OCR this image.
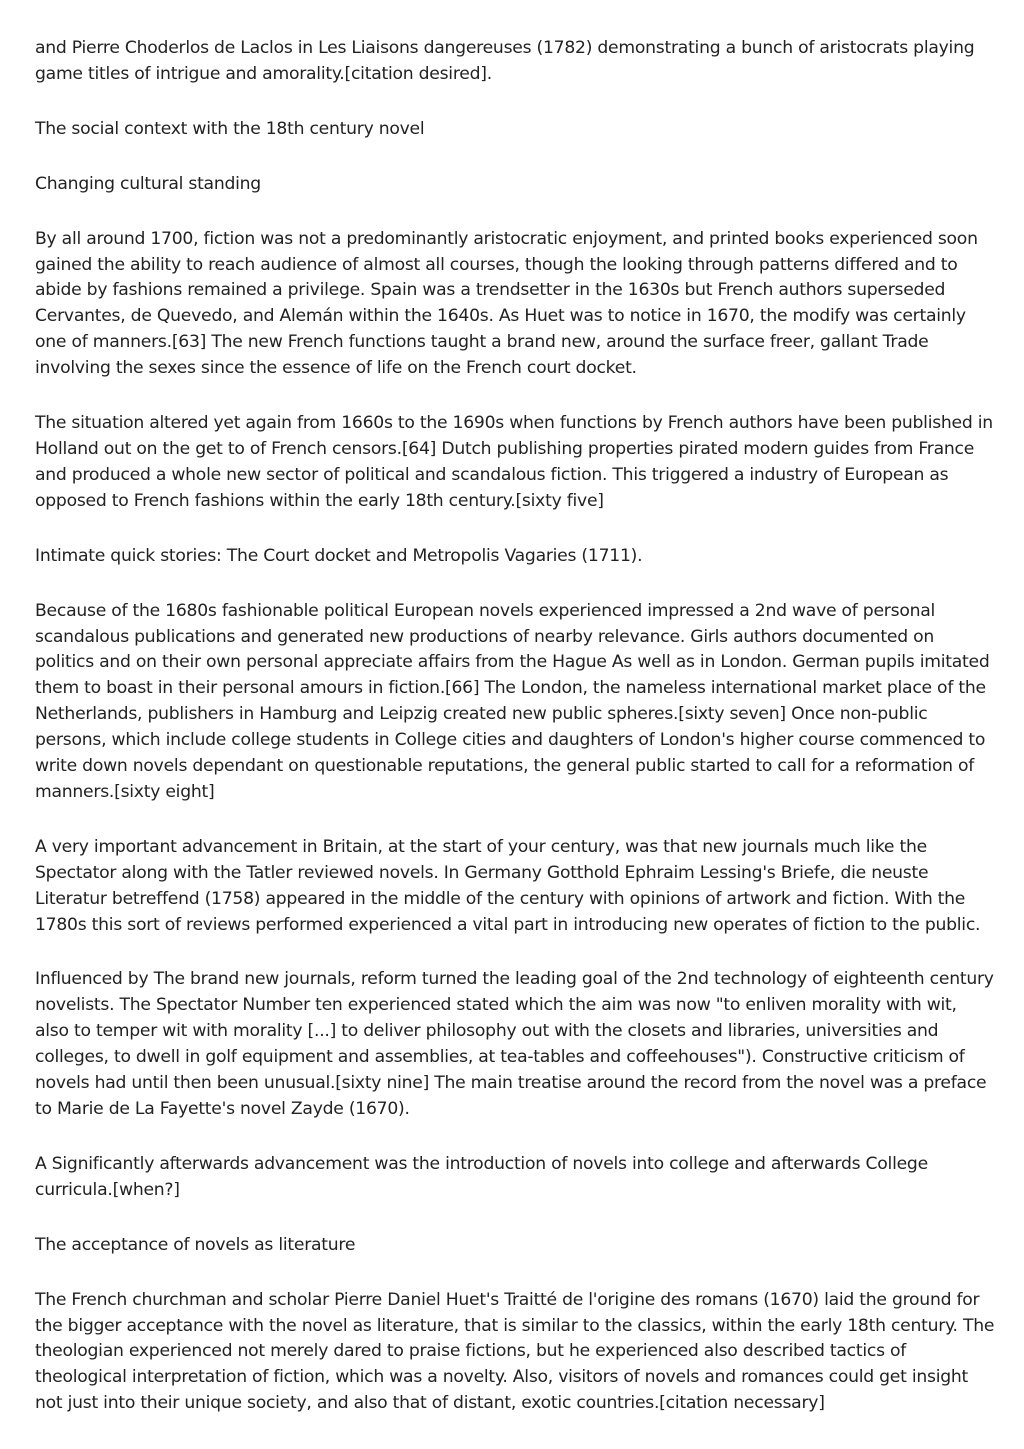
and Pierre Choderlos de Laclos in Les Liaisons dangereuses (1782) demonstrating a bunch of aristocrats playing game titles of intrigue and amorality.[citation desired].

The social context with the 18th century novel

Changing cultural standing

By all around 1700, fiction was not a predominantly aristocratic enjoyment, and printed books experienced soon gained the ability to reach audience of almost all courses, though the looking through patterns differed and to abide by fashions remained a privilege. Spain was a trendsetter in the 1630s but French authors superseded Cervantes, de Quevedo, and Alemán within the 1640s. As Huet was to notice in 1670, the modify was certainly one of manners.[63] The new French functions taught a brand new, around the surface freer, gallant Trade involving the sexes since the essence of life on the French court docket.

The situation altered yet again from 1660s to the 1690s when functions by French authors have been published in Holland out on the get to of French censors.[64] Dutch publishing properties pirated modern guides from France and produced a whole new sector of political and scandalous fiction. This triggered a industry of European as opposed to French fashions within the early 18th century.[sixty five]

Intimate quick stories: The Court docket and Metropolis Vagaries (1711).

Because of the 1680s fashionable political European novels experienced impressed a 2nd wave of personal scandalous publications and generated new productions of nearby relevance. Girls authors documented on politics and on their own personal appreciate affairs from the Hague As well as in London. German pupils imitated them to boast in their personal amours in fiction.[66] The London, the nameless international market place of the Netherlands, publishers in Hamburg and Leipzig created new public spheres.[sixty seven] Once non-public persons, which include college students in College cities and daughters of London's higher course commenced to write down novels dependant on questionable reputations, the general public started to call for a reformation of manners.[sixty eight]

A very important advancement in Britain, at the start of your century, was that new journals much like the Spectator along with the Tatler reviewed novels. In Germany Gotthold Ephraim Lessing's Briefe, die neuste Literatur betreffend (1758) appeared in the middle of the century with opinions of artwork and fiction. With the 1780s this sort of reviews performed experienced a vital part in introducing new operates of fiction to the public.

Influenced by The brand new journals, reform turned the leading goal of the 2nd technology of eighteenth century novelists. The Spectator Number ten experienced stated which the aim was now "to enliven morality with wit, also to temper wit with morality [...] to deliver philosophy out with the closets and libraries, universities and colleges, to dwell in golf equipment and assemblies, at tea-tables and coffeehouses"). Constructive criticism of novels had until then been unusual.[sixty nine] The main treatise around the record from the novel was a preface to Marie de La Fayette's novel Zayde (1670).

A Significantly afterwards advancement was the introduction of novels into college and afterwards College curricula.[when?]

The acceptance of novels as literature

The French churchman and scholar Pierre Daniel Huet's Traitté de l'origine des romans (1670) laid the ground for the bigger acceptance with the novel as literature, that is similar to the classics, within the early 18th century. The theologian experienced not merely dared to praise fictions, but he experienced also described tactics of theological interpretation of fiction, which was a novelty. Also, visitors of novels and romances could get insight not just into their unique society, and also that of distant, exotic countries.[citation necessary]
